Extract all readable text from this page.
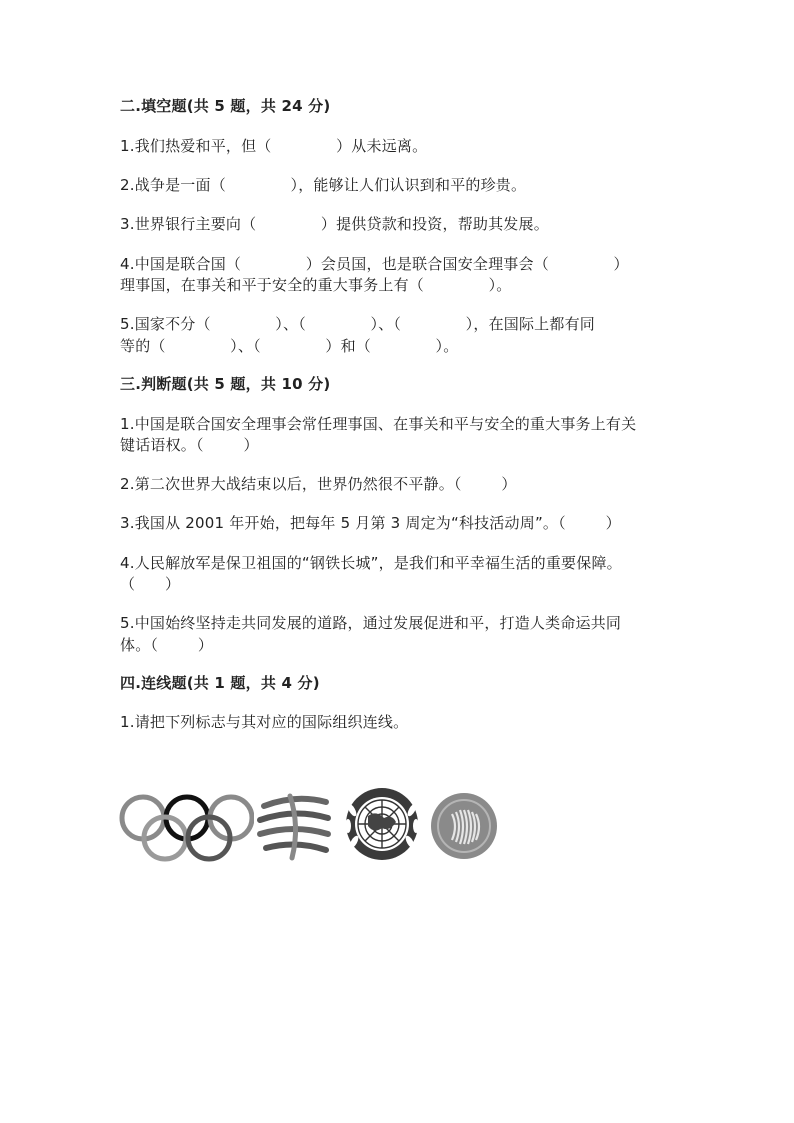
二.填空题(共 5 题，共 24 分)
1.我们热爱和平，但（             ）从未远离。
2.战争是一面（             ），能够让人们认识到和平的珍贵。
3.世界银行主要向（             ）提供贷款和投资，帮助其发展。
4.中国是联合国（             ）会员国，也是联合国安全理事会（             ）
理事国，在事关和平于安全的重大事务上有（             ）。
5.国家不分（             ）、（             ）、（             ），在国际上都有同
等的（             ）、（             ）和（             ）。
三.判断题(共 5 题，共 10 分)
1.中国是联合国安全理事会常任理事国、在事关和平与安全的重大事务上有关
键话语权。（        ）
2.第二次世界大战结束以后，世界仍然很不平静。（        ）
3.我国从 2001 年开始，把每年 5 月第 3 周定为“科技活动周”。（        ）
4.人民解放军是保卫祖国的“钢铁长城”，是我们和平幸福生活的重要保障。
（      ）
5.中国始终坚持走共同发展的道路，通过发展促进和平，打造人类命运共同
体。（        ）
四.连线题(共 1 题，共 4 分)
1.请把下列标志与其对应的国际组织连线。
